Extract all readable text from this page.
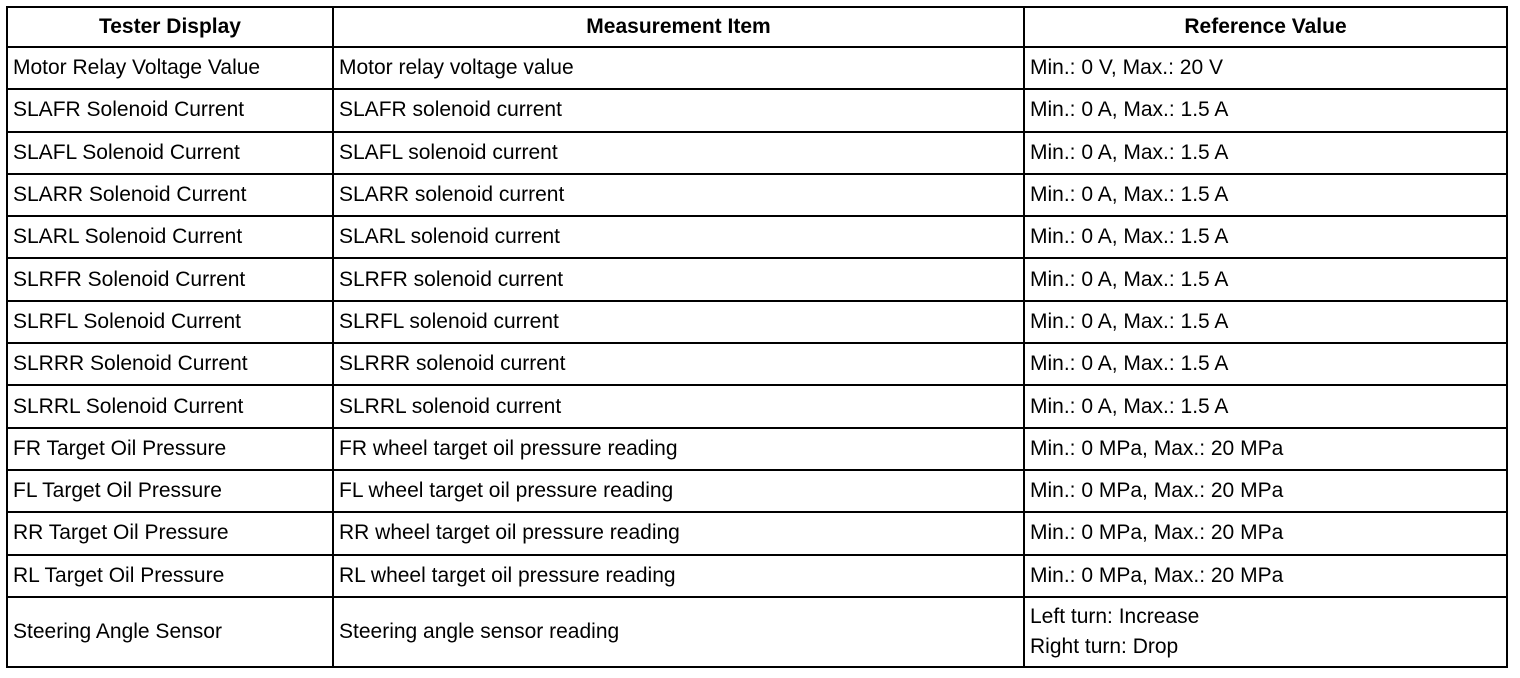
Tester Display	Measurement Item	Reference Value
Motor Relay Voltage Value	Motor relay voltage value	Min.: 0 V, Max.: 20 V
SLAFR Solenoid Current	SLAFR solenoid current	Min.: 0 A, Max.: 1.5 A
SLAFL Solenoid Current	SLAFL solenoid current	Min.: 0 A, Max.: 1.5 A
SLARR Solenoid Current	SLARR solenoid current	Min.: 0 A, Max.: 1.5 A
SLARL Solenoid Current	SLARL solenoid current	Min.: 0 A, Max.: 1.5 A
SLRFR Solenoid Current	SLRFR solenoid current	Min.: 0 A, Max.: 1.5 A
SLRFL Solenoid Current	SLRFL solenoid current	Min.: 0 A, Max.: 1.5 A
SLRRR Solenoid Current	SLRRR solenoid current	Min.: 0 A, Max.: 1.5 A
SLRRL Solenoid Current	SLRRL solenoid current	Min.: 0 A, Max.: 1.5 A
FR Target Oil Pressure	FR wheel target oil pressure reading	Min.: 0 MPa, Max.: 20 MPa
FL Target Oil Pressure	FL wheel target oil pressure reading	Min.: 0 MPa, Max.: 20 MPa
RR Target Oil Pressure	RR wheel target oil pressure reading	Min.: 0 MPa, Max.: 20 MPa
RL Target Oil Pressure	RL wheel target oil pressure reading	Min.: 0 MPa, Max.: 20 MPa
Steering Angle Sensor	Steering angle sensor reading	Left turn: Increase
Right turn: Drop
